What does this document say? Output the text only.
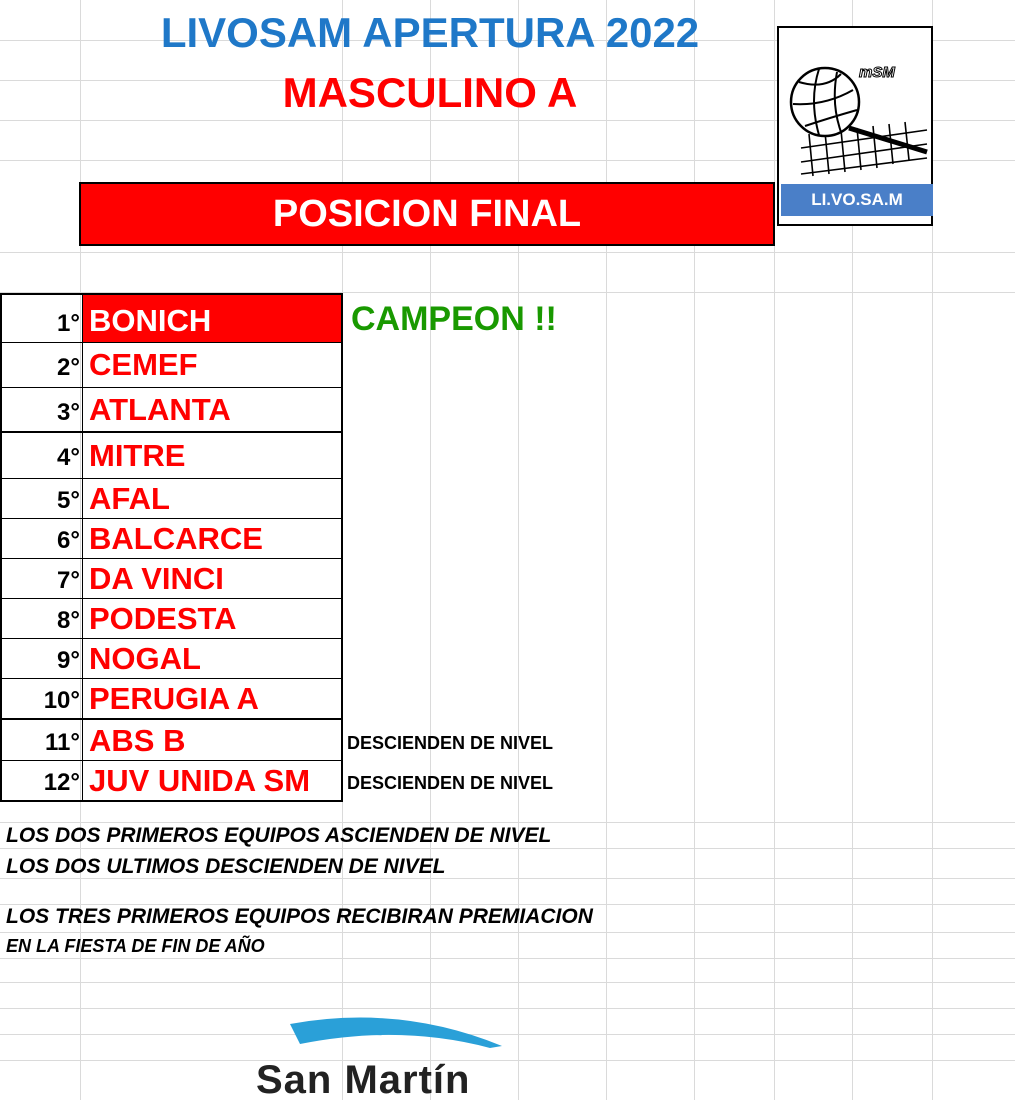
LIVOSAM APERTURA 2022
MASCULINO A	mSM
LI.VO.SA.M
POSICION FINAL
1° BONICH
2° CEMEF
3° ATLANTA
4° MITRE
5° AFAL
6° BALCARCE
7° DA VINCI
8° PODESTA
9° NOGAL
10° PERUGIA A
11° ABS B
12° JUV UNIDA SM
CAMPEON !!
DESCIENDEN DE NIVEL
DESCIENDEN DE NIVEL
LOS DOS PRIMEROS EQUIPOS ASCIENDEN DE NIVEL
LOS DOS ULTIMOS DESCIENDEN DE NIVEL
LOS TRES PRIMEROS EQUIPOS RECIBIRAN PREMIACION
EN LA FIESTA DE FIN DE AÑO
San Martín
